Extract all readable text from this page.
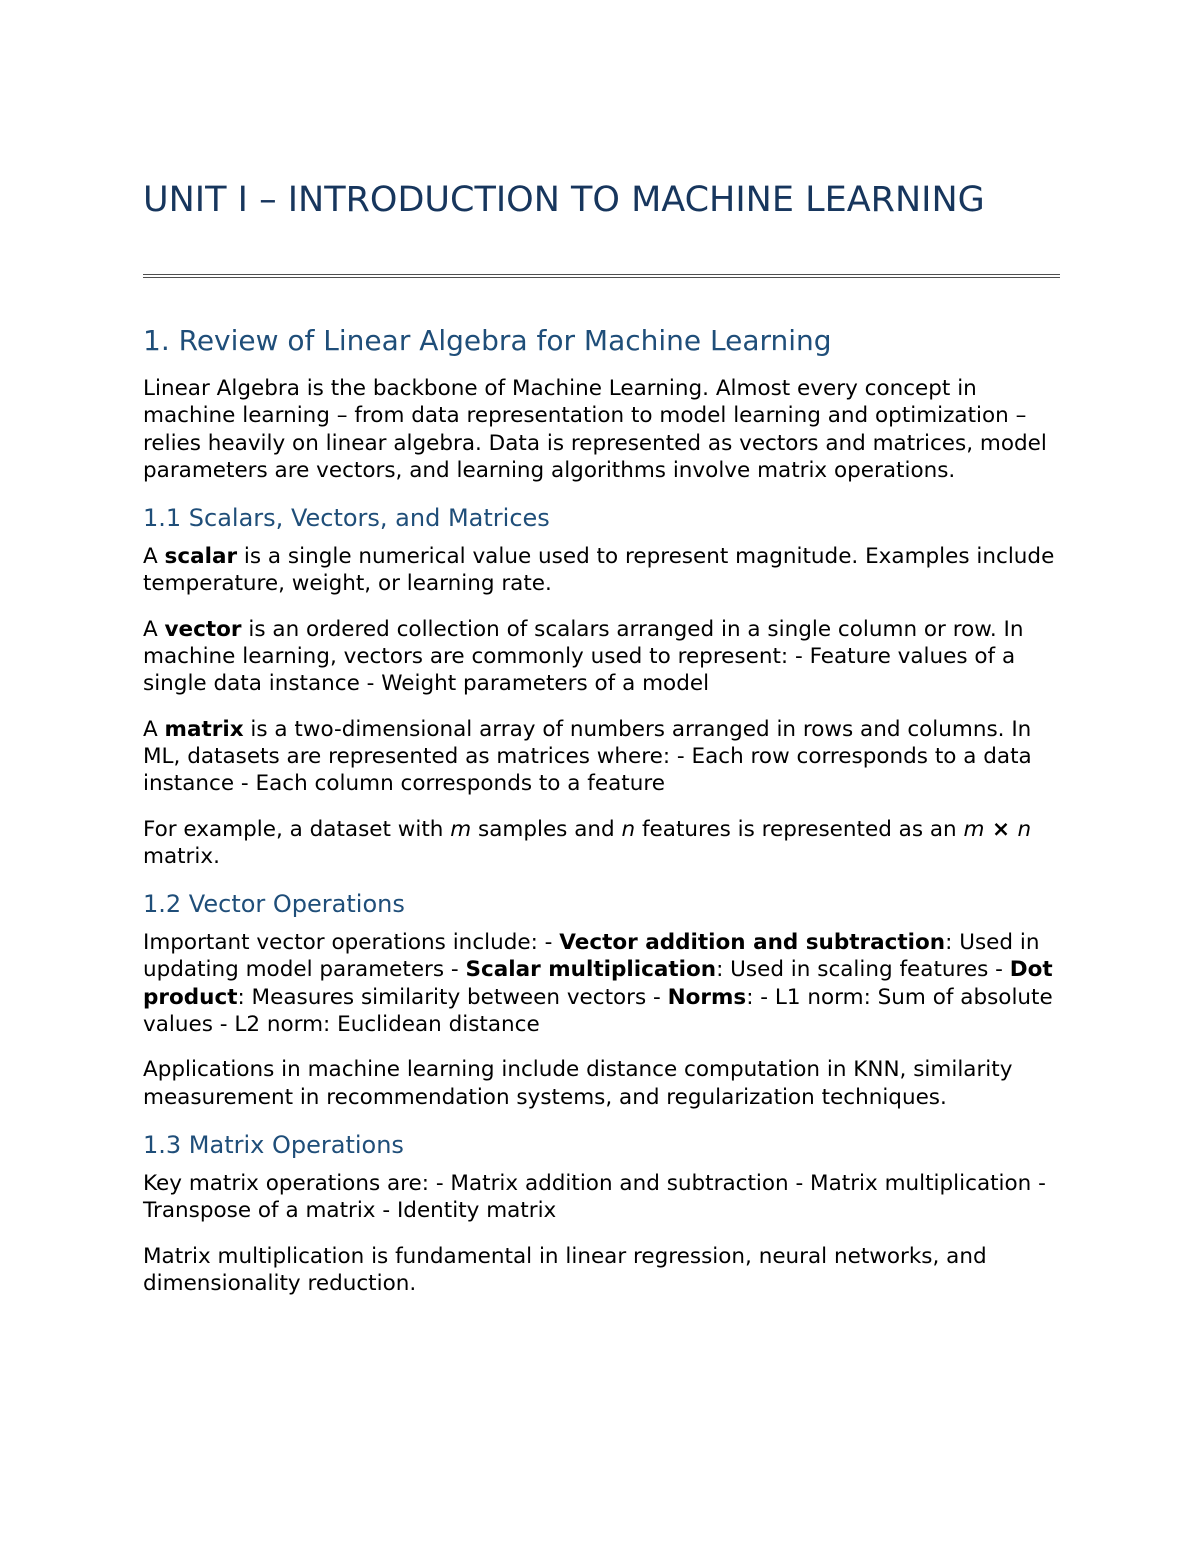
UNIT I – INTRODUCTION TO MACHINE LEARNING
1. Review of Linear Algebra for Machine Learning

Linear Algebra is the backbone of Machine Learning. Almost every concept in machine learning – from data representation to model learning and optimization – relies heavily on linear algebra. Data is represented as vectors and matrices, model parameters are vectors, and learning algorithms involve matrix operations.

1.1 Scalars, Vectors, and Matrices

A scalar is a single numerical value used to represent magnitude. Examples include temperature, weight, or learning rate.

A vector is an ordered collection of scalars arranged in a single column or row. In machine learning, vectors are commonly used to represent: - Feature values of a single data instance - Weight parameters of a model

A matrix is a two-dimensional array of numbers arranged in rows and columns. In ML, datasets are represented as matrices where: - Each row corresponds to a data instance - Each column corresponds to a feature

For example, a dataset with m samples and n features is represented as an m × n matrix.

1.2 Vector Operations

Important vector operations include: - Vector addition and subtraction: Used in updating model parameters - Scalar multiplication: Used in scaling features - Dot product: Measures similarity between vectors - Norms: - L1 norm: Sum of absolute values - L2 norm: Euclidean distance

Applications in machine learning include distance computation in KNN, similarity measurement in recommendation systems, and regularization techniques.

1.3 Matrix Operations

Key matrix operations are: - Matrix addition and subtraction - Matrix multiplication - Transpose of a matrix - Identity matrix

Matrix multiplication is fundamental in linear regression, neural networks, and dimensionality reduction.
